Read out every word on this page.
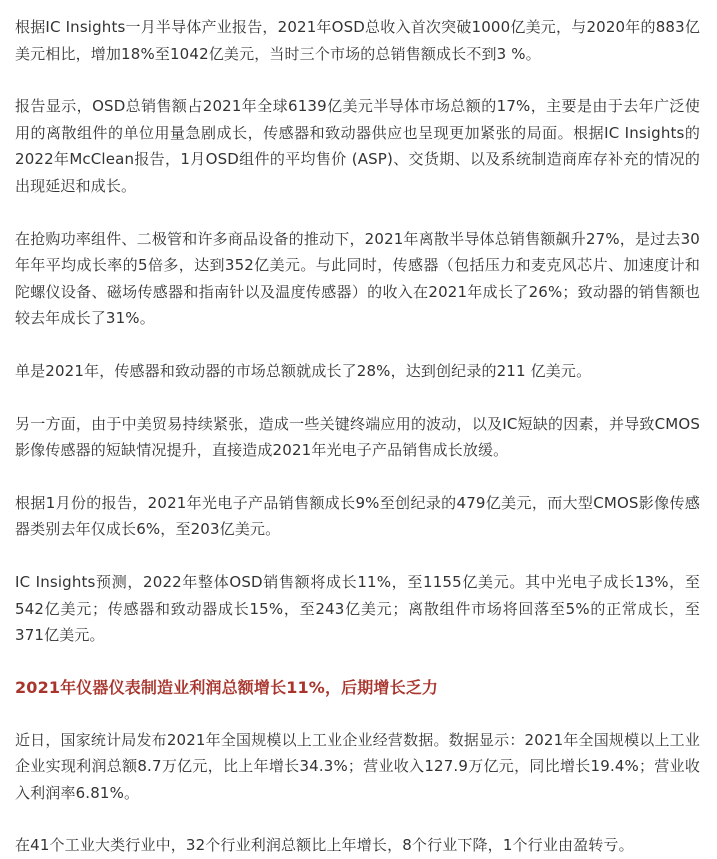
根据IC Insights一月半导体产业报告，2021年OSD总收入首次突破1000亿美元，与2020年的883亿美元相比，增加18%至1042亿美元，当时三个市场的总销售额成长不到3 %。

报告显示，OSD总销售额占2021年全球6139亿美元半导体市场总额的17%，主要是由于去年广泛使用的离散组件的单位用量急剧成长，传感器和致动器供应也呈现更加紧张的局面。根据IC Insights的2022年McClean报告，1月OSD组件的平均售价 (ASP)、交货期、以及系统制造商库存补充的情况的出现延迟和成长。

在抢购功率组件、二极管和许多商品设备的推动下，2021年离散半导体总销售额飙升27%，是过去30年年平均成长率的5倍多，达到352亿美元。与此同时，传感器（包括压力和麦克风芯片、加速度计和陀螺仪设备、磁场传感器和指南针以及温度传感器）的收入在2021年成长了26%；致动器的销售额也较去年成长了31%。

单是2021年，传感器和致动器的市场总额就成长了28%，达到创纪录的211 亿美元。

另一方面，由于中美贸易持续紧张，造成一些关键终端应用的波动，以及IC短缺的因素，并导致CMOS影像传感器的短缺情况提升，直接造成2021年光电子产品销售成长放缓。

根据1月份的报告，2021年光电子产品销售额成长9%至创纪录的479亿美元，而大型CMOS影像传感器类别去年仅成长6%，至203亿美元。

IC Insights预测，2022年整体OSD销售额将成长11%，至1155亿美元。其中光电子成长13%，至542亿美元；传感器和致动器成长15%，至243亿美元；离散组件市场将回落至5%的正常成长，至371亿美元。

2021年仪器仪表制造业利润总额增长11%，后期增长乏力

近日，国家统计局发布2021年全国规模以上工业企业经营数据。数据显示：2021年全国规模以上工业企业实现利润总额8.7万亿元，比上年增长34.3%；营业收入127.9万亿元，同比增长19.4%；营业收入利润率6.81%。

在41个工业大类行业中，32个行业利润总额比上年增长，8个行业下降，1个行业由盈转亏。
